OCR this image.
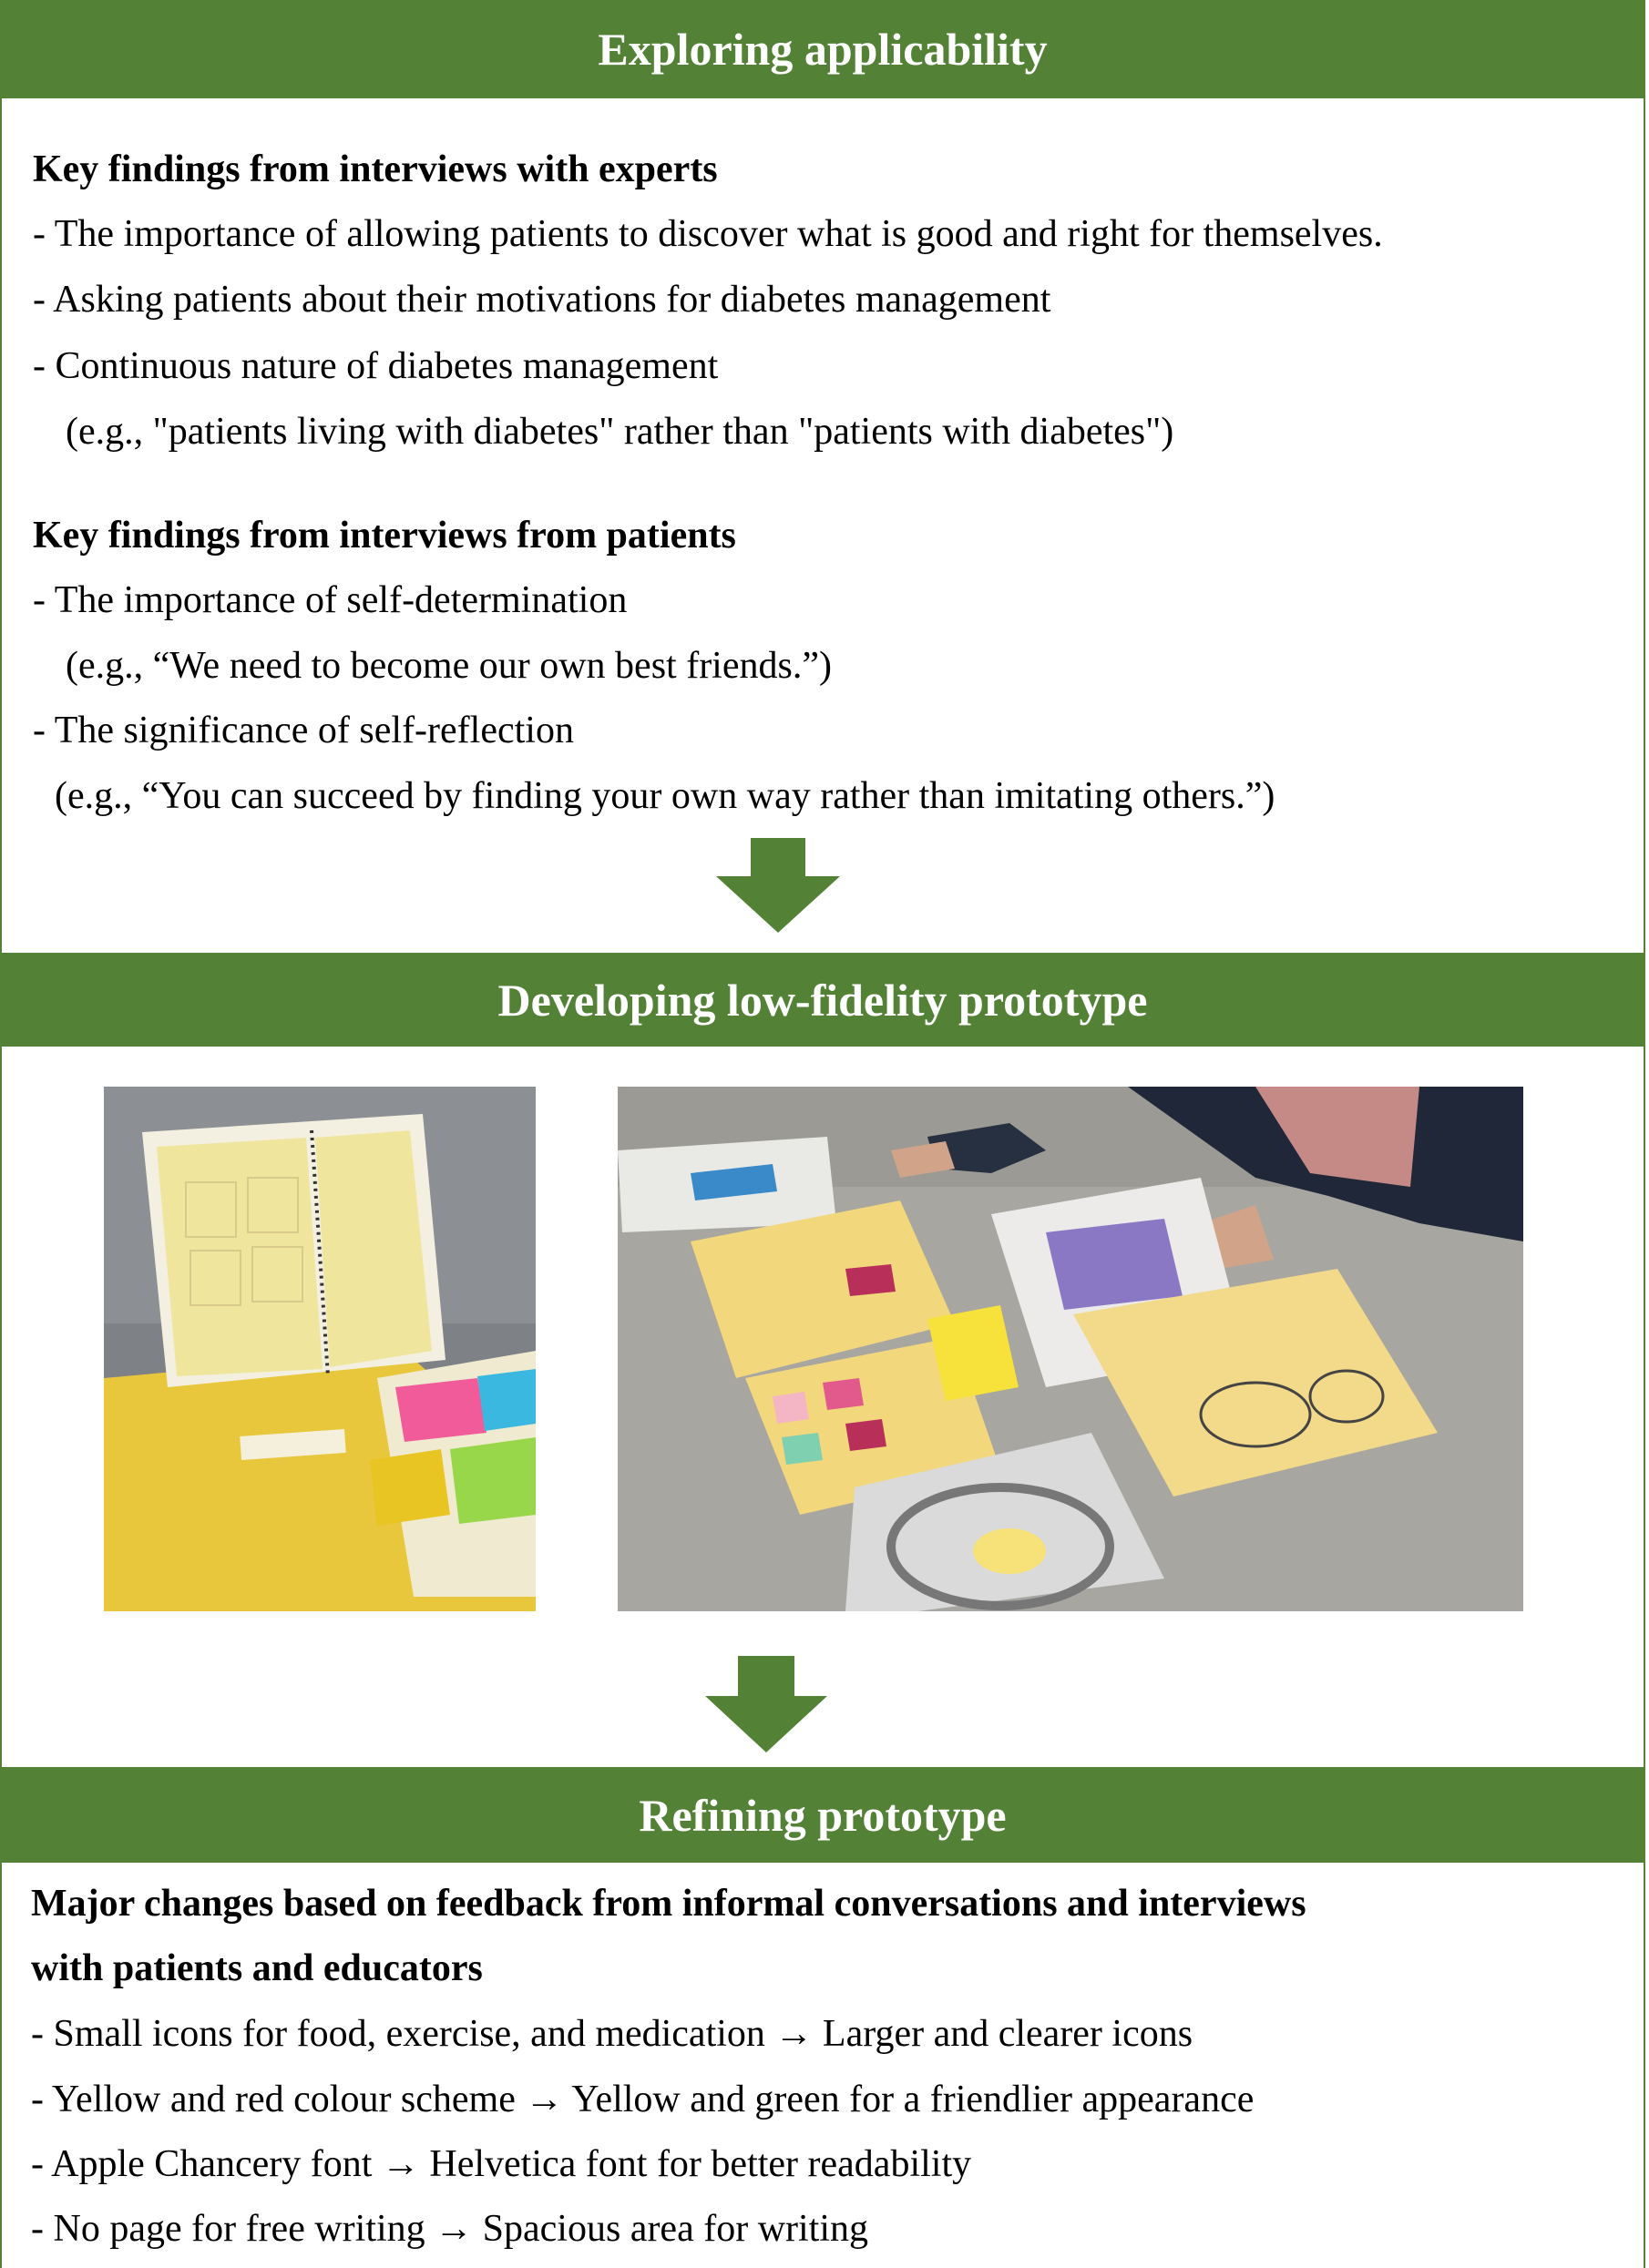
Exploring applicability
Developing low-fidelity prototype
Refining prototype
Key findings from interviews with experts
- The importance of allowing patients to discover what is good and right for themselves.
- Asking patients about their motivations for diabetes management
- Continuous nature of diabetes management
(e.g., "patients living with diabetes" rather than "patients with diabetes")
Key findings from interviews from patients
- The importance of self-determination
(e.g., “We need to become our own best friends.”)
- The significance of self-reflection
(e.g., “You can succeed by finding your own way rather than imitating others.”)
Major changes based on feedback from informal conversations and interviews
with patients and educators
- Small icons for food, exercise, and medication → Larger and clearer icons
- Yellow and red colour scheme → Yellow and green for a friendlier appearance
- Apple Chancery font → Helvetica font for better readability
- No page for free writing → Spacious area for writing
